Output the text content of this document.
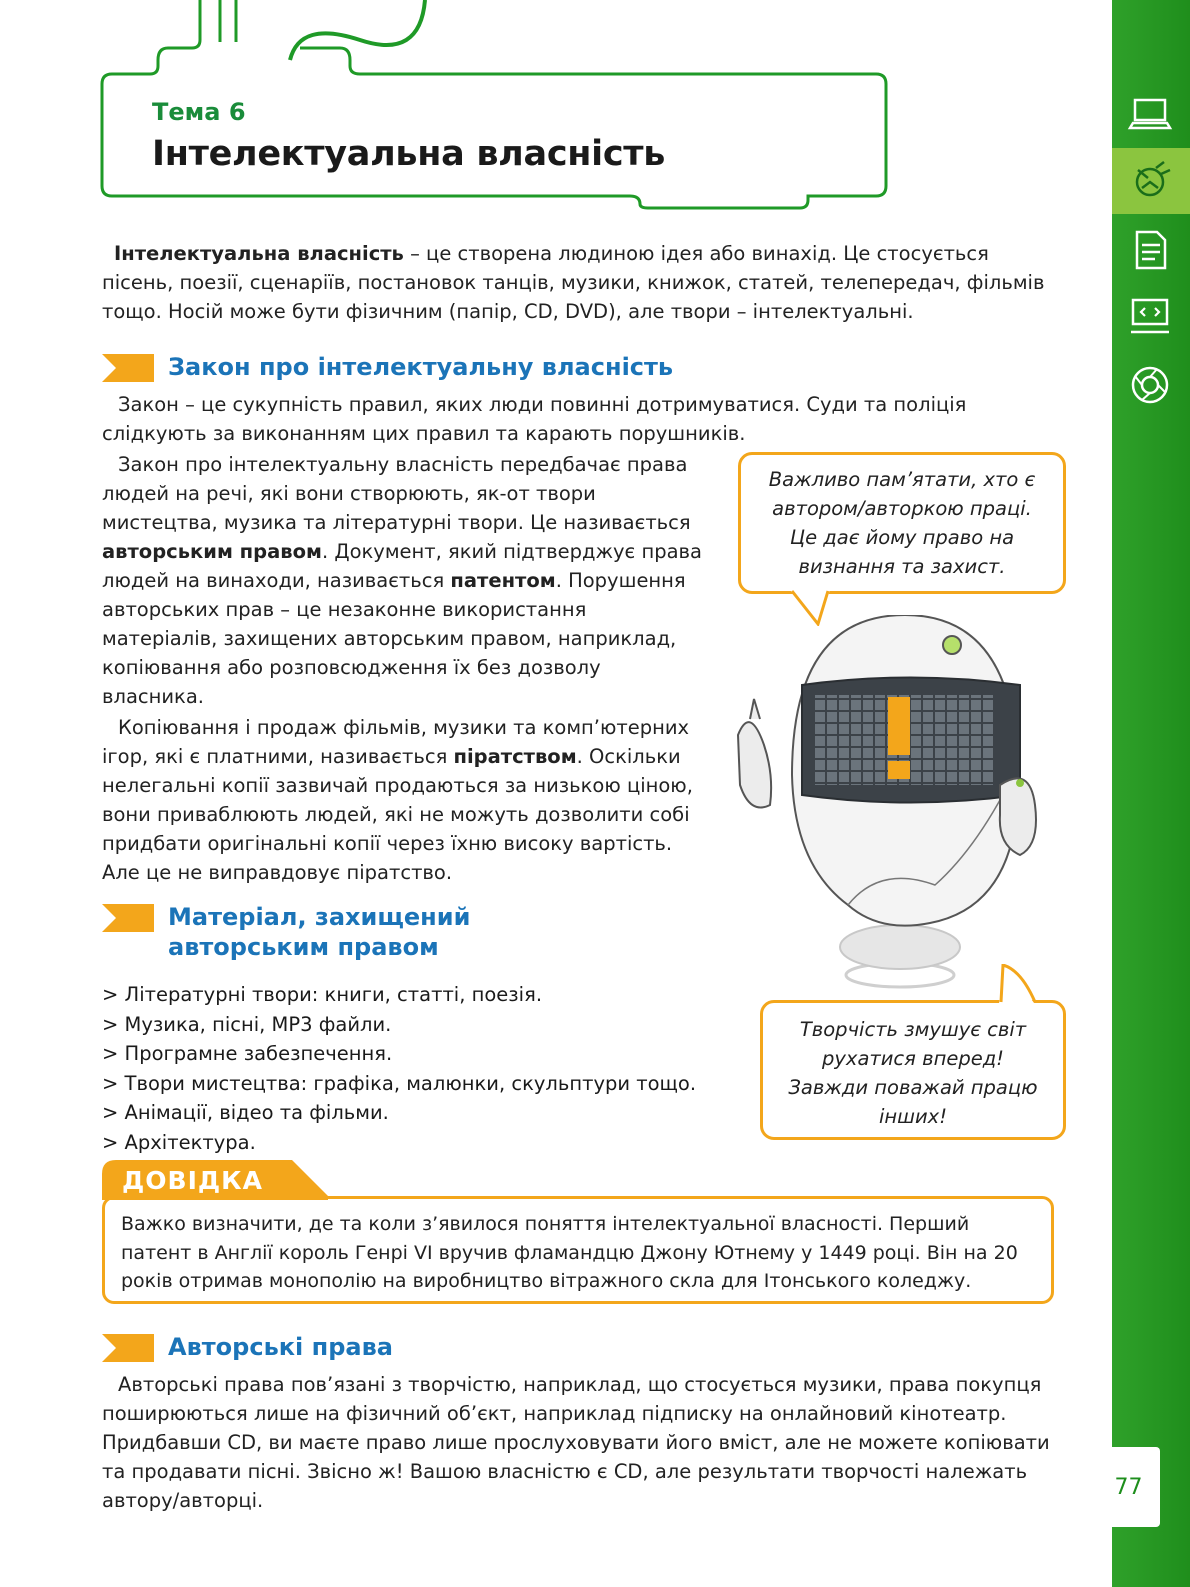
77
Тема 6
Інтелектуальна власність
Інтелектуальна власність – це створена людиною ідея або винахід. Це стосується пісень, поезії, сценаріїв, постановок танців, музики, книжок, статей, телепередач, фільмів тощо. Носій може бути фізичним (папір, CD, DVD), але твори – інтелектуальні.
Закон про інтелектуальну власність
Закон – це сукупність правил, яких люди повинні дотримуватися. Суди та поліція слідкують за виконанням цих правил та карають порушників.
Закон про інтелектуальну власність передбачає права людей на речі, які вони створюють, як-от твори мистецтва, музика та літературні твори. Це називається авторським правом. Документ, який підтверджує права людей на винаходи, називається патентом. Порушення авторських прав – це незаконне використання матеріалів, захищених авторським правом, наприклад, копіювання або розповсюдження їх без дозволу власника.
Копіювання і продаж фільмів, музики та комп’ютерних ігор, які є платними, називається піратством. Оскільки нелегальні копії зазвичай продаються за низькою ціною, вони приваблюють людей, які не можуть дозволити собі придбати оригінальні копії через їхню високу вартість. Але це не виправдовує піратство.
Важливо пам’ятати, хто є автором/авторкою праці. Це дає йому право на визнання та захист.
Творчість змушує світ рухатися вперед! Завжди поважай працю інших!
Матеріал, захищений
авторським правом
> Літературні твори: книги, статті, поезія.
> Музика, пісні, MP3 файли.
> Програмне забезпечення.
> Твори мистецтва: графіка, малюнки, скульптури тощо.
> Анімації, відео та фільми.
> Архітектура.
ДОВІДКА
Важко визначити, де та коли з’явилося поняття інтелектуальної власності. Перший патент в Англії король Генрі VI вручив фламандцю Джону Ютнему у 1449 році. Він на 20 років отримав монополію на виробництво вітражного скла для Ітонського коледжу.
Авторські права
Авторські права пов’язані з творчістю, наприклад, що стосується музики, права покупця поширюються лише на фізичний об’єкт, наприклад підписку на онлайновий кінотеатр. Придбавши CD, ви маєте право лише прослуховувати його вміст, але не можете копіювати та продавати пісні. Звісно ж! Вашою власністю є CD, але результати творчості належать автору/авторці.
